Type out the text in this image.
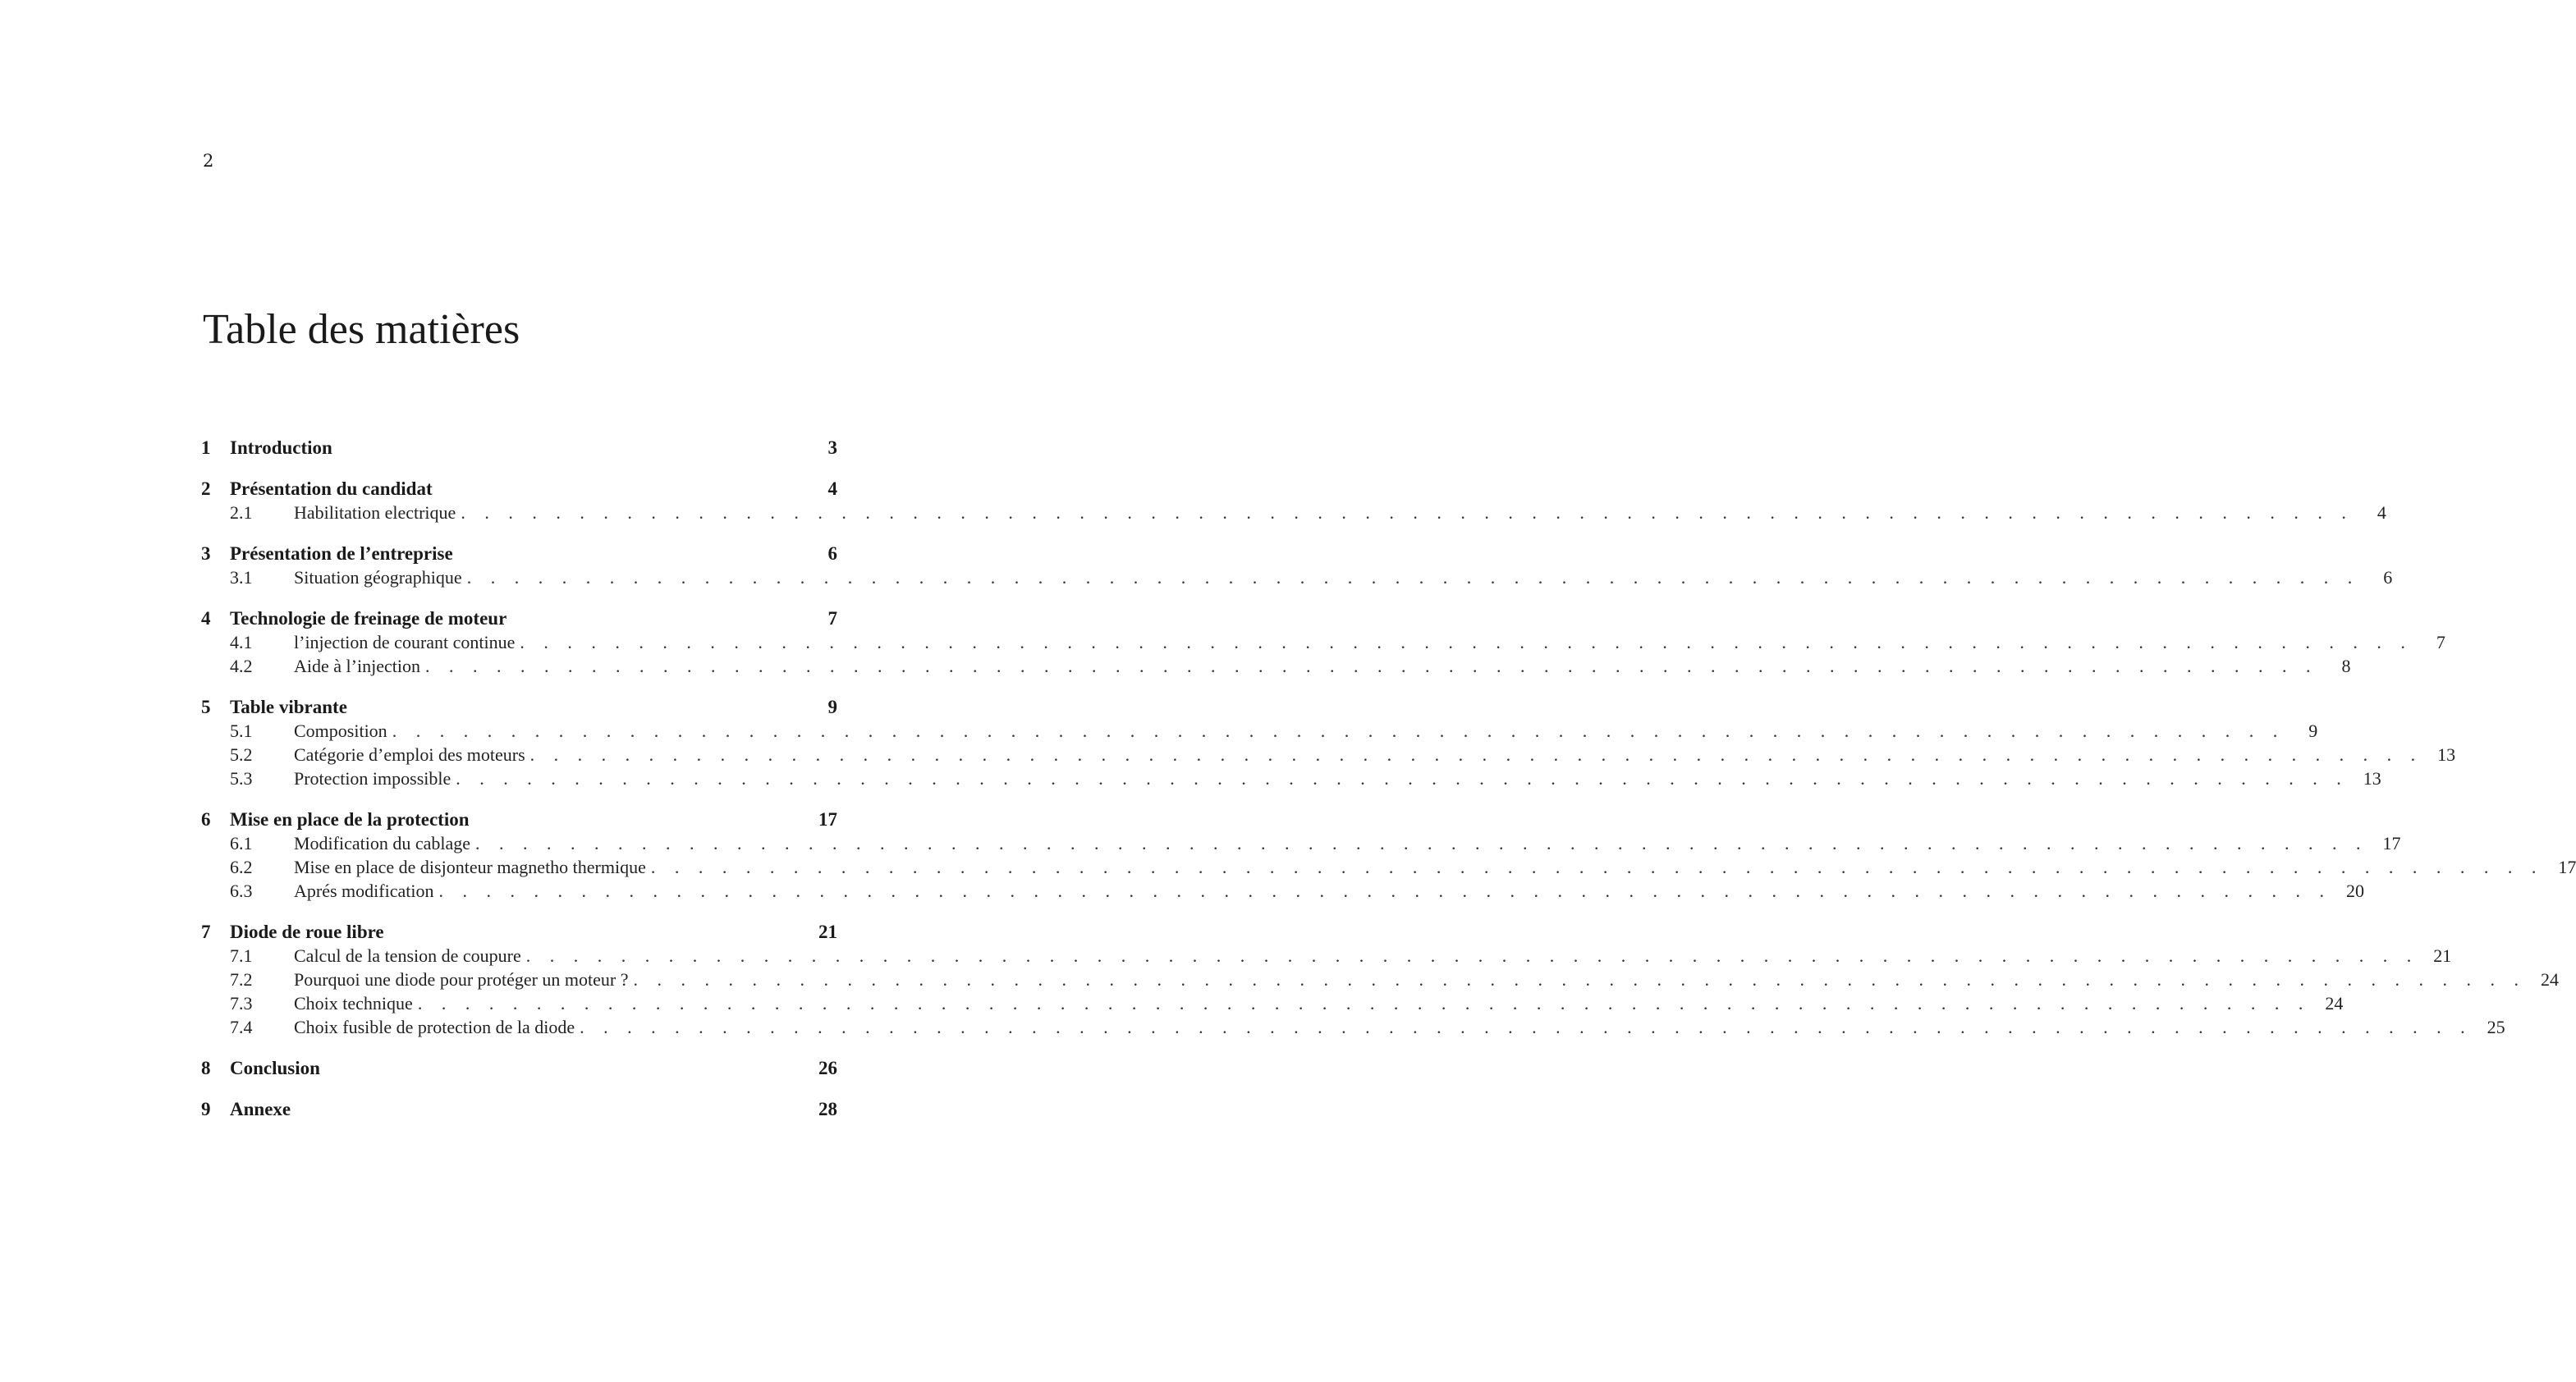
2
Table des matières
1	Introduction	3
2	Présentation du candidat	4
2.1	Habilitation electrique . . . . . . . . . . . . . . . . . . . . . . . . . . . . . . . . . . . . . . . . . . . . . . . . . . . . . . . . . . . . . . . . . . . . . . . . . . . . . . . .	4
3	Présentation de l’entreprise	6
3.1	Situation géographique . . . . . . . . . . . . . . . . . . . . . . . . . . . . . . . . . . . . . . . . . . . . . . . . . . . . . . . . . . . . . . . . . . . . . . . . . . . . . . . .	6
4	Technologie de freinage de moteur	7
4.1	l’injection de courant continue . . . . . . . . . . . . . . . . . . . . . . . . . . . . . . . . . . . . . . . . . . . . . . . . . . . . . . . . . . . . . . . . . . . . . . . . . . . . . . . .	7
4.2	Aide à l’injection . . . . . . . . . . . . . . . . . . . . . . . . . . . . . . . . . . . . . . . . . . . . . . . . . . . . . . . . . . . . . . . . . . . . . . . . . . . . . . . .	8
5	Table vibrante	9
5.1	Composition . . . . . . . . . . . . . . . . . . . . . . . . . . . . . . . . . . . . . . . . . . . . . . . . . . . . . . . . . . . . . . . . . . . . . . . . . . . . . . . .	9
5.2	Catégorie d’emploi des moteurs . . . . . . . . . . . . . . . . . . . . . . . . . . . . . . . . . . . . . . . . . . . . . . . . . . . . . . . . . . . . . . . . . . . . . . . . . . . . . . . . 13
5.3	Protection impossible . . . . . . . . . . . . . . . . . . . . . . . . . . . . . . . . . . . . . . . . . . . . . . . . . . . . . . . . . . . . . . . . . . . . . . . . . . . . . . . . 13
6	Mise en place de la protection	17
6.1	Modification du cablage . . . . . . . . . . . . . . . . . . . . . . . . . . . . . . . . . . . . . . . . . . . . . . . . . . . . . . . . . . . . . . . . . . . . . . . . . . . . . . . . 17
6.2	Mise en place de disjonteur magnetho thermique . . . . . . . . . . . . . . . . . . . . . . . . . . . . . . . . . . . . . . . . . . . . . . . . . . . . . . . . . . . . . . . . . . . . . . . . . . . . . . . . 17
6.3	Aprés modification . . . . . . . . . . . . . . . . . . . . . . . . . . . . . . . . . . . . . . . . . . . . . . . . . . . . . . . . . . . . . . . . . . . . . . . . . . . . . . . . 20
7	Diode de roue libre	21
7.1	Calcul de la tension de coupure . . . . . . . . . . . . . . . . . . . . . . . . . . . . . . . . . . . . . . . . . . . . . . . . . . . . . . . . . . . . . . . . . . . . . . . . . . . . . . . . 21
7.2	Pourquoi une diode pour protéger un moteur ? . . . . . . . . . . . . . . . . . . . . . . . . . . . . . . . . . . . . . . . . . . . . . . . . . . . . . . . . . . . . . . . . . . . . . . . . . . . . . . . . 24
7.3	Choix technique . . . . . . . . . . . . . . . . . . . . . . . . . . . . . . . . . . . . . . . . . . . . . . . . . . . . . . . . . . . . . . . . . . . . . . . . . . . . . . . . 24
7.4	Choix fusible de protection de la diode . . . . . . . . . . . . . . . . . . . . . . . . . . . . . . . . . . . . . . . . . . . . . . . . . . . . . . . . . . . . . . . . . . . . . . . . . . . . . . . . 25
8	Conclusion	26
9	Annexe	28
